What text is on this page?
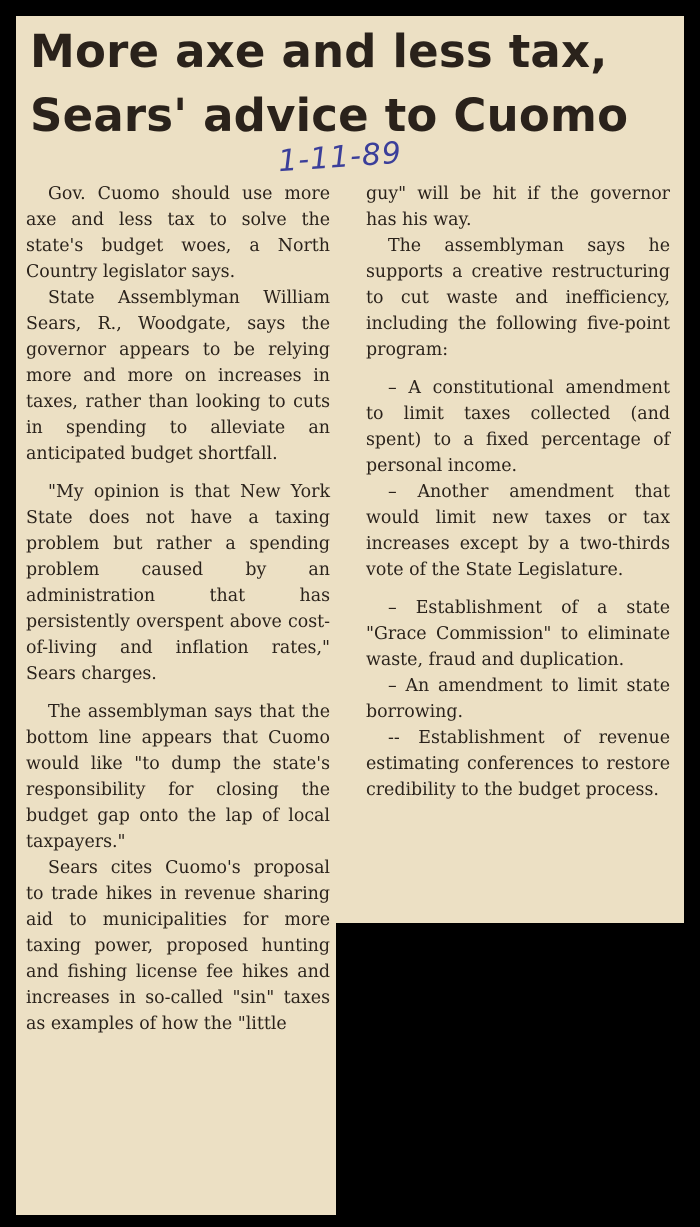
More axe and less tax,
Sears' advice to Cuomo
1-11-89

Gov. Cuomo should use more axe and less tax to solve the state's budget woes, a North Country legislator says.

State Assemblyman William Sears, R., Woodgate, says the governor appears to be relying more and more on increases in taxes, rather than looking to cuts in spending to alleviate an anticipated budget shortfall.

"My opinion is that New York State does not have a taxing problem but rather a spending problem caused by an administration that has persistently overspent above cost-of-living and inflation rates," Sears charges.

The assemblyman says that the bottom line appears that Cuomo would like "to dump the state's responsibility for closing the budget gap onto the lap of local taxpayers."

Sears cites Cuomo's proposal to trade hikes in revenue sharing aid to municipalities for more taxing power, proposed hunting and fishing license fee hikes and increases in so-called "sin" taxes as examples of how the "little

guy" will be hit if the governor has his way.

The assemblyman says he supports a creative restructuring to cut waste and inefficiency, including the following five-point program:

– A constitutional amendment to limit taxes collected (and spent) to a fixed percentage of personal income.

– Another amendment that would limit new taxes or tax increases except by a two-thirds vote of the State Legislature.

– Establishment of a state "Grace Commission" to eliminate waste, fraud and duplication.

– An amendment to limit state borrowing.

-- Establishment of revenue estimating conferences to restore credibility to the budget process.
